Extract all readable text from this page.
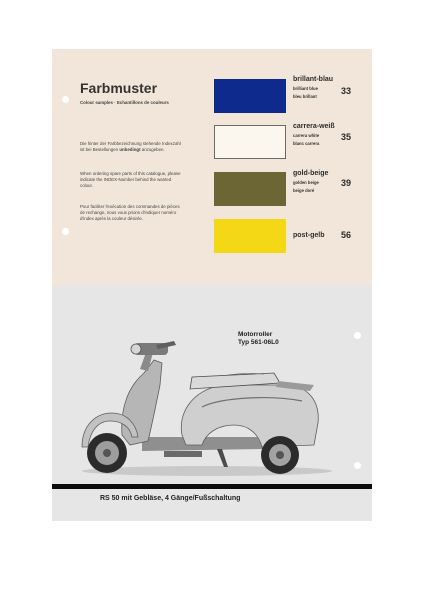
Farbmuster
Colour samples · Echantillons de couleurs

Die hinter der Farbbezeichnung stehende Indexzahl
ist bei Bestellungen unbedingt anzugeben.

When ordering spare parts of this catalogue, please
indicate the INDEX-Number behind the wanted
colour.

Pour faciliter l'exécution des commandes de pièces
de rechange, nous vous prions d'indiquer numéro
d'index après la couleur désirée.

brillant-blau
brilliant blue
bleu brillant
33
carrera-weiß
carrera white
blanc carrera
35
gold-beige
golden beige
beige doré
39
post-gelb 56
Motorroller
Typ 561-06L0
RS 50 mit Gebläse, 4 Gänge/Fußschaltung
